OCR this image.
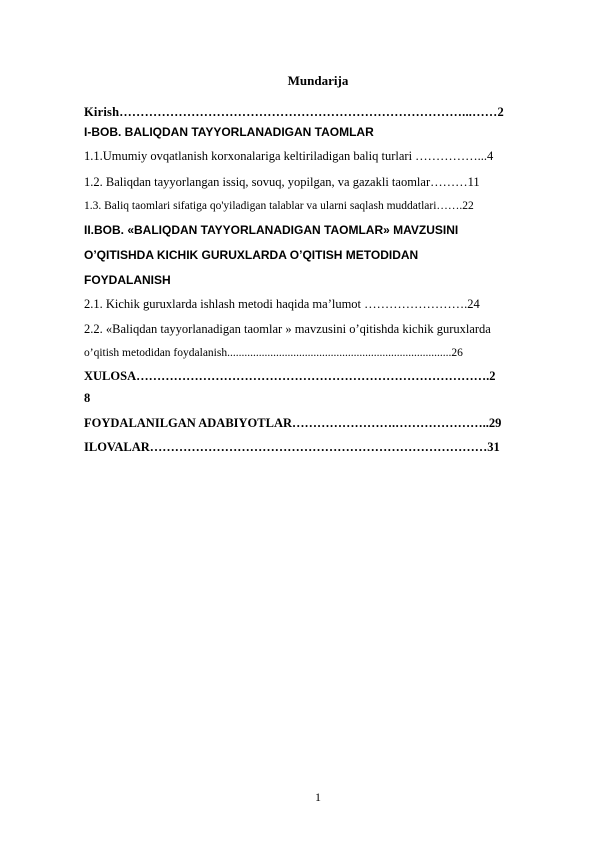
Mundarija
Kirish………………………………………………………………………...……2
I-BOB. BALIQDAN TAYYORLANADIGAN TAOMLAR
1.1.Umumiy ovqatlanish korxonalariga keltiriladigan baliq turlari ……………...4
1.2. Baliqdan tayyorlangan issiq, sovuq, yopilgan, va gazakli taomlar………11
1.3. Baliq taomlari sifatiga qo'yiladigan talablar va ularni saqlash muddatlari…….22
II.BOB. «BALIQDAN TAYYORLANADIGAN TAOMLAR» MAVZUSINI
O’QITISHDA KICHIK GURUXLARDA O’QITISH METODIDAN
FOYDALANISH
2.1. Kichik guruxlarda ishlash metodi haqida ma’lumot …………………….24
2.2. «Baliqdan tayyorlanadigan taomlar » mavzusini o’qitishda kichik guruxlarda
o’qitish metodidan foydalanish..............................................................................26
XULOSA………………………………………………………………………….2
8
FOYDALANILGAN ADABIYOTLAR…………………….…………………..29
ILOVALAR………………………………………………………………………31
1
